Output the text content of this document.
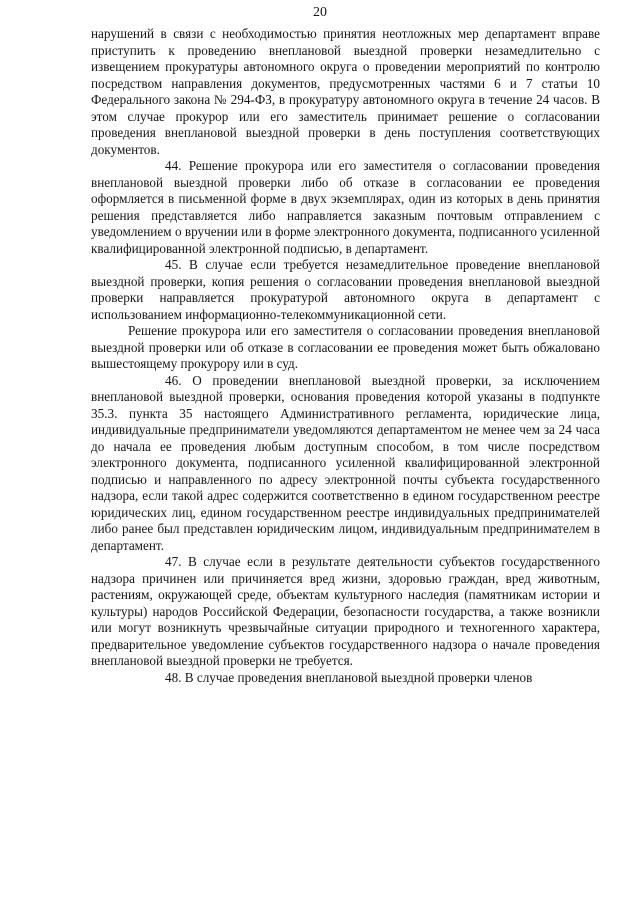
20

нарушений в связи с необходимостью принятия неотложных мер департамент вправе приступить к проведению внеплановой выездной проверки незамедлительно с извещением прокуратуры автономного округа о проведении мероприятий по контролю посредством направления документов, предусмотренных частями 6 и 7 статьи 10 Федерального закона № 294-ФЗ, в прокуратуру автономного округа в течение 24 часов. В этом случае прокурор или его заместитель принимает решение о согласовании проведения внеплановой выездной проверки в день поступления соответствующих документов.

44. Решение прокурора или его заместителя о согласовании проведения внеплановой выездной проверки либо об отказе в согласовании ее проведения оформляется в письменной форме в двух экземплярах, один из которых в день принятия решения представляется либо направляется заказным почтовым отправлением с уведомлением о вручении или в форме электронного документа, подписанного усиленной квалифицированной электронной подписью, в департамент.

45. В случае если требуется незамедлительное проведение внеплановой выездной проверки, копия решения о согласовании проведения внеплановой выездной проверки направляется прокуратурой автономного округа в департамент с использованием информационно-телекоммуникационной сети.

Решение прокурора или его заместителя о согласовании проведения внеплановой выездной проверки или об отказе в согласовании ее проведения может быть обжаловано вышестоящему прокурору или в суд.

46. О проведении внеплановой выездной проверки, за исключением внеплановой выездной проверки, основания проведения которой указаны в подпункте 35.3. пункта 35 настоящего Административного регламента, юридические лица, индивидуальные предприниматели уведомляются департаментом не менее чем за 24 часа до начала ее проведения любым доступным способом, в том числе посредством электронного документа, подписанного усиленной квалифицированной электронной подписью и направленного по адресу электронной почты субъекта государственного надзора, если такой адрес содержится соответственно в едином государственном реестре юридических лиц, едином государственном реестре индивидуальных предпринимателей либо ранее был представлен юридическим лицом, индивидуальным предпринимателем в департамент.

47. В случае если в результате деятельности субъектов государственного надзора причинен или причиняется вред жизни, здоровью граждан, вред животным, растениям, окружающей среде, объектам культурного наследия (памятникам истории и культуры) народов Российской Федерации, безопасности государства, а также возникли или могут возникнуть чрезвычайные ситуации природного и техногенного характера, предварительное уведомление субъектов государственного надзора о начале проведения внеплановой выездной проверки не требуется.

48. В случае проведения внеплановой выездной проверки членов
